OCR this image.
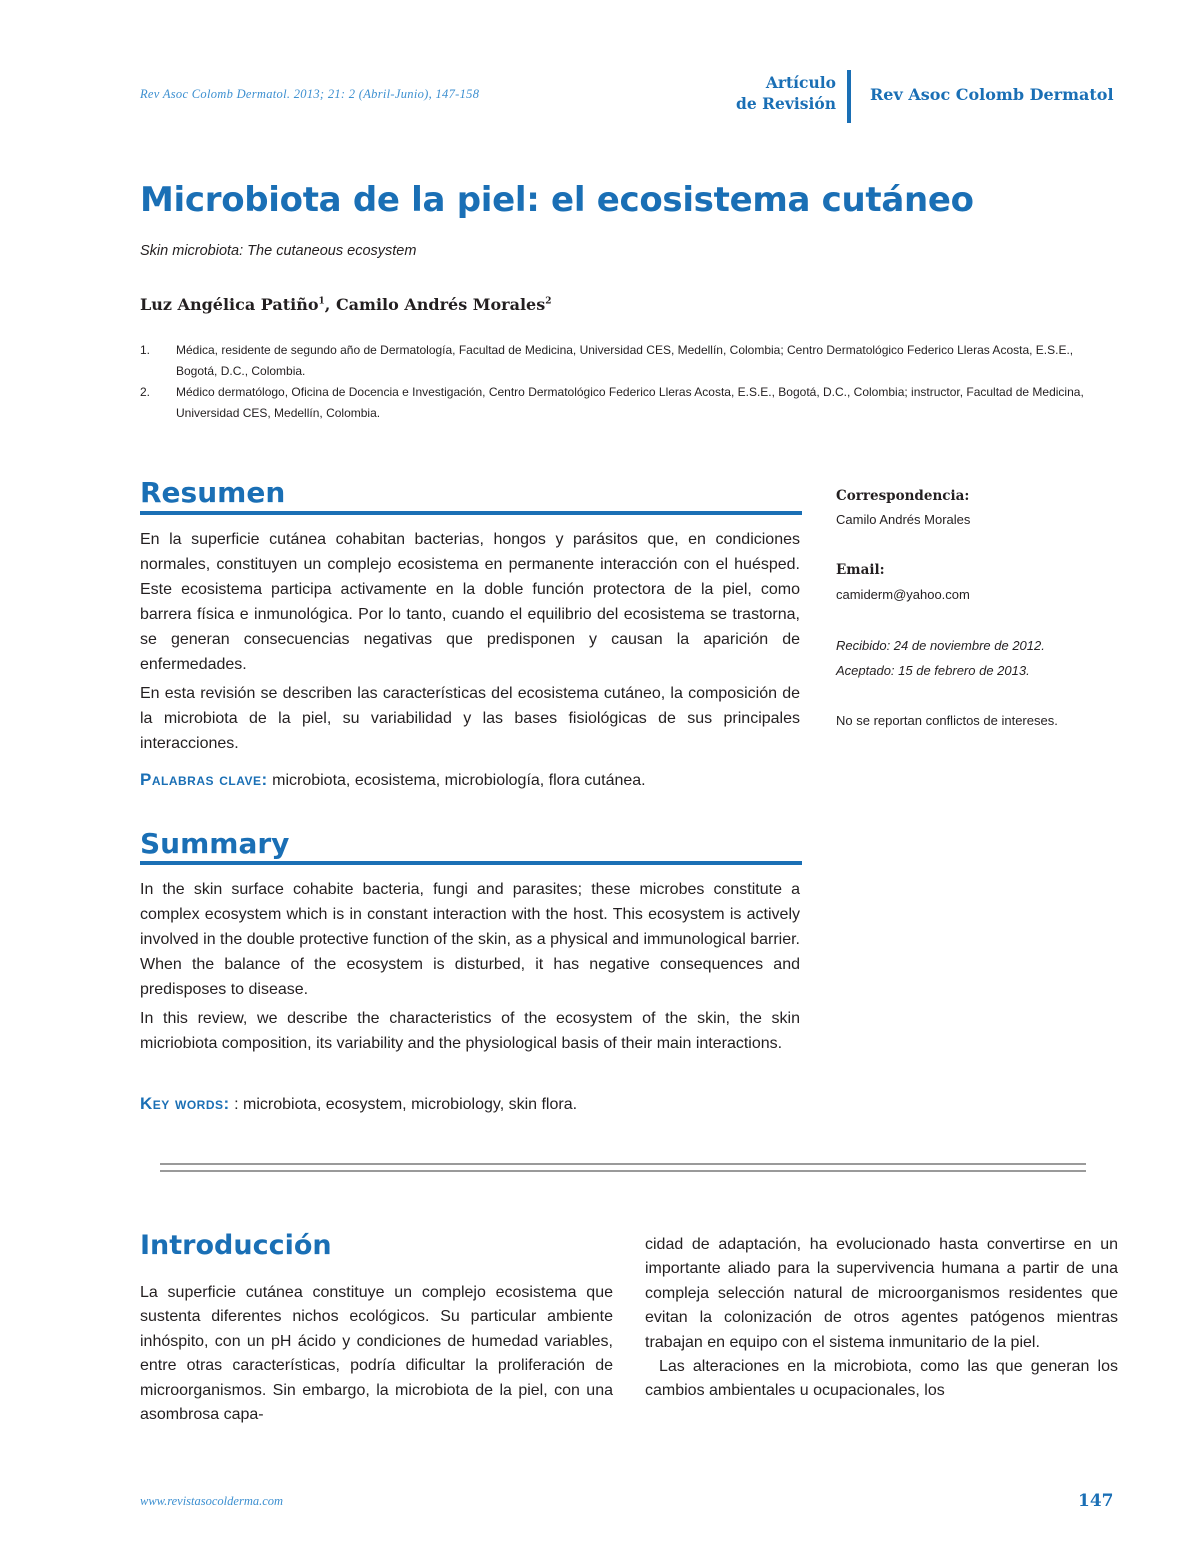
Rev Asoc Colomb Dermatol. 2013; 21: 2 (Abril-Junio), 147-158
Artículo
de Revisión Rev Asoc Colomb Dermatol
Microbiota de la piel: el ecosistema cutáneo
Skin microbiota: The cutaneous ecosystem
Luz Angélica Patiño$^1$, Camilo Andrés Morales$^2$
1. Médica, residente de segundo año de Dermatología, Facultad de Medicina, Universidad CES, Medellín, Colombia; Centro Dermatológico Federico Lleras Acosta, E.S.E., Bogotá, D.C., Colombia.
2. Médico dermatólogo, Oficina de Docencia e Investigación, Centro Dermatológico Federico Lleras Acosta, E.S.E., Bogotá, D.C., Colombia; instructor, Facultad de Medicina, Universidad CES, Medellín, Colombia.
Resumen

En la superficie cutánea cohabitan bacterias, hongos y parásitos que, en condiciones normales, constituyen un complejo ecosistema en permanente interacción con el huésped. Este ecosistema participa activamente en la doble función protectora de la piel, como barrera física e inmunológica. Por lo tanto, cuando el equilibrio del ecosistema se trastorna, se generan consecuencias negativas que predisponen y causan la aparición de enfermedades.

En esta revisión se describen las características del ecosistema cutáneo, la composición de la microbiota de la piel, su variabilidad y las bases fisiológicas de sus principales interacciones.

Palabras clave: microbiota, ecosistema, microbiología, flora cutánea.
Summary

In the skin surface cohabite bacteria, fungi and parasites; these microbes constitute a complex ecosystem which is in constant interaction with the host. This ecosystem is actively involved in the double protective function of the skin, as a physical and immunological barrier. When the balance of the ecosystem is disturbed, it has negative consequences and predisposes to disease.

In this review, we describe the characteristics of the ecosystem of the skin, the skin micriobiota composition, its variability and the physiological basis of their main interactions.

Key words: : microbiota, ecosystem, microbiology, skin flora.
Correspondencia:
Camilo Andrés Morales
Email:
camiderm@yahoo.com
Recibido: 24 de noviembre de 2012.
Aceptado: 15 de febrero de 2013.
No se reportan conflictos de intereses.
Introducción

La superficie cutánea constituye un complejo ecosistema que sustenta diferentes nichos ecológicos. Su particular ambiente inhóspito, con un pH ácido y condiciones de humedad variables, entre otras características, podría dificultar la proliferación de microorganismos. Sin embargo, la microbiota de la piel, con una asombrosa capa-

cidad de adaptación, ha evolucionado hasta convertirse en un importante aliado para la supervivencia humana a partir de una compleja selección natural de microorganismos residentes que evitan la colonización de otros agentes patógenos mientras trabajan en equipo con el sistema inmunitario de la piel.

Las alteraciones en la microbiota, como las que generan los cambios ambientales u ocupacionales, los

www.revistasocolderma.com	147
